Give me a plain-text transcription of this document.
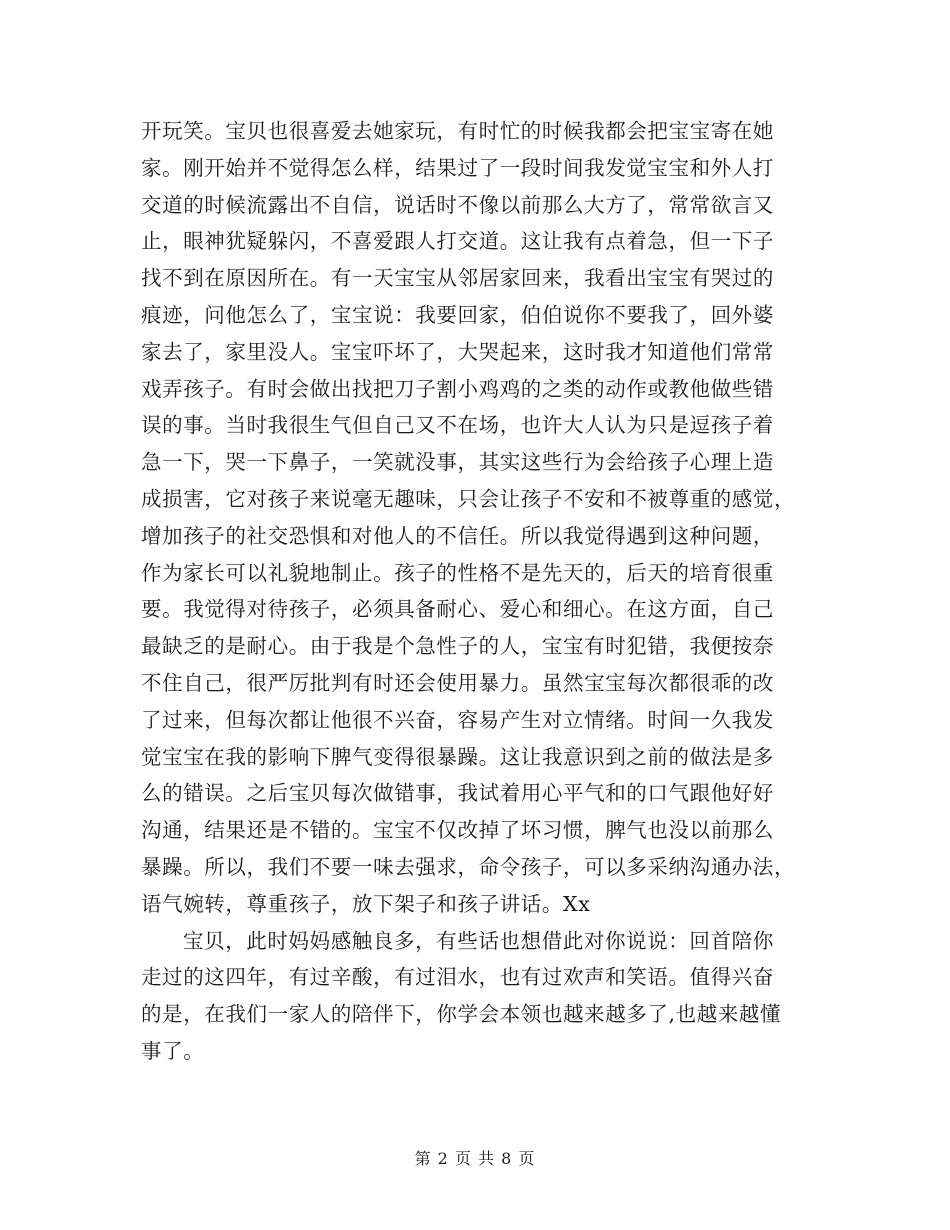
开玩笑。宝贝也很喜爱去她家玩，有时忙的时候我都会把宝宝寄在她
家。刚开始并不觉得怎么样，结果过了一段时间我发觉宝宝和外人打
交道的时候流露出不自信，说话时不像以前那么大方了，常常欲言又
止，眼神犹疑躲闪，不喜爱跟人打交道。这让我有点着急，但一下子
找不到在原因所在。有一天宝宝从邻居家回来，我看出宝宝有哭过的
痕迹，问他怎么了，宝宝说：我要回家，伯伯说你不要我了，回外婆
家去了，家里没人。宝宝吓坏了，大哭起来，这时我才知道他们常常
戏弄孩子。有时会做出找把刀子割小鸡鸡的之类的动作或教他做些错
误的事。当时我很生气但自己又不在场，也许大人认为只是逗孩子着
急一下，哭一下鼻子，一笑就没事，其实这些行为会给孩子心理上造
成损害，它对孩子来说毫无趣味，只会让孩子不安和不被尊重的感觉，
增加孩子的社交恐惧和对他人的不信任。所以我觉得遇到这种问题，
作为家长可以礼貌地制止。孩子的性格不是先天的，后天的培育很重
要。我觉得对待孩子，必须具备耐心、爱心和细心。在这方面，自己
最缺乏的是耐心。由于我是个急性子的人，宝宝有时犯错，我便按奈
不住自己，很严厉批判有时还会使用暴力。虽然宝宝每次都很乖的改
了过来，但每次都让他很不兴奋，容易产生对立情绪。时间一久我发
觉宝宝在我的影响下脾气变得很暴躁。这让我意识到之前的做法是多
么的错误。之后宝贝每次做错事，我试着用心平气和的口气跟他好好
沟通，结果还是不错的。宝宝不仅改掉了坏习惯，脾气也没以前那么
暴躁。所以，我们不要一味去强求，命令孩子，可以多采纳沟通办法，
语气婉转，尊重孩子，放下架子和孩子讲话。Xx
宝贝，此时妈妈感触良多，有些话也想借此对你说说：回首陪你
走过的这四年，有过辛酸，有过泪水，也有过欢声和笑语。值得兴奋
的是，在我们一家人的陪伴下，你学会本领也越来越多了,也越来越懂
事了。
第 2 页 共 8 页
